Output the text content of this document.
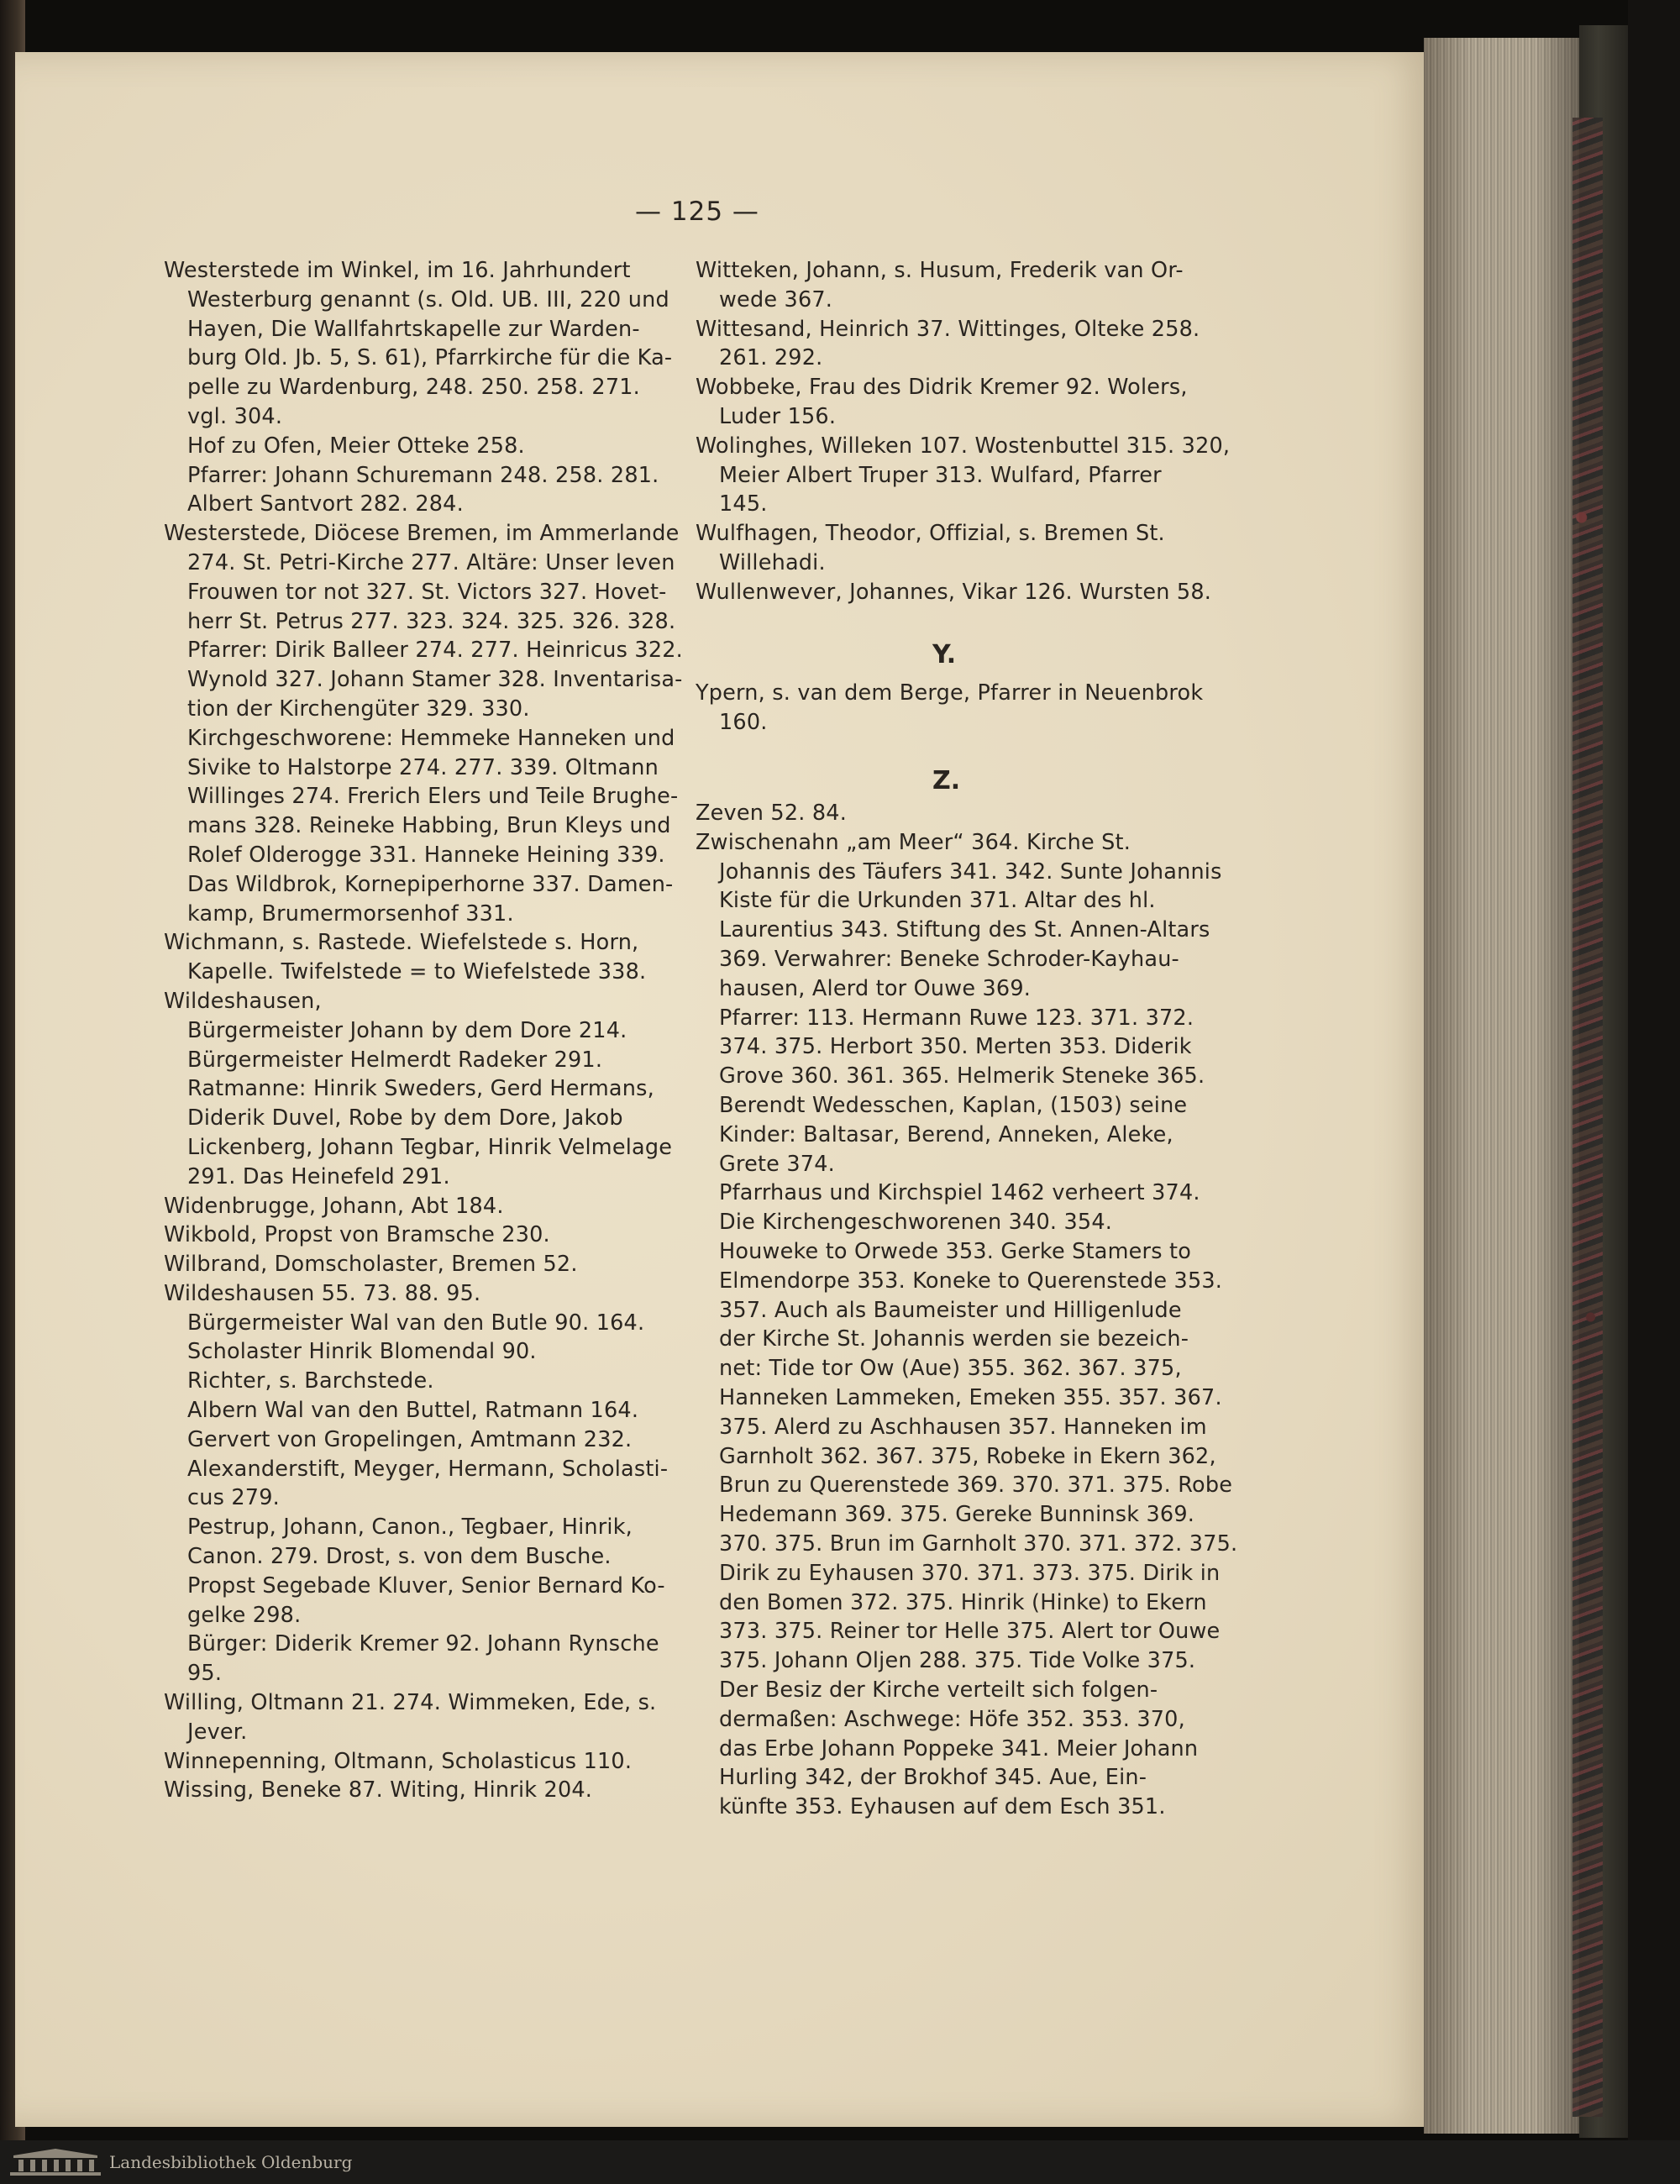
— 125 —
Westerstede im Winkel, im 16. Jahrhundert
Westerburg genannt (s. Old. UB. III, 220 und
Hayen, Die Wallfahrtskapelle zur Warden-
burg Old. Jb. 5, S. 61), Pfarrkirche für die Ka-
pelle zu Wardenburg, 248. 250. 258. 271.
vgl. 304.
Hof zu Ofen, Meier Otteke 258.
Pfarrer: Johann Schuremann 248. 258. 281.
Albert Santvort 282. 284.
Westerstede, Diöcese Bremen, im Ammerlande
274. St. Petri-Kirche 277. Altäre: Unser leven
Frouwen tor not 327. St. Victors 327. Hovet-
herr St. Petrus 277. 323. 324. 325. 326. 328.
Pfarrer: Dirik Balleer 274. 277. Heinricus 322.
Wynold 327. Johann Stamer 328. Inventarisa-
tion der Kirchengüter 329. 330.
Kirchgeschworene: Hemmeke Hanneken und
Sivike to Halstorpe 274. 277. 339. Oltmann
Willinges 274. Frerich Elers und Teile Brughe-
mans 328. Reineke Habbing, Brun Kleys und
Rolef Olderogge 331. Hanneke Heining 339.
Das Wildbrok, Kornepiperhorne 337. Damen-
kamp, Brumermorsenhof 331.
Wichmann, s. Rastede. Wiefelstede s. Horn,
Kapelle. Twifelstede = to Wiefelstede 338.
Wildeshausen,
Bürgermeister Johann by dem Dore 214.
Bürgermeister Helmerdt Radeker 291.
Ratmanne: Hinrik Sweders, Gerd Hermans,
Diderik Duvel, Robe by dem Dore, Jakob
Lickenberg, Johann Tegbar, Hinrik Velmelage
291. Das Heinefeld 291.
Widenbrugge, Johann, Abt 184.
Wikbold, Propst von Bramsche 230.
Wilbrand, Domscholaster, Bremen 52.
Wildeshausen 55. 73. 88. 95.
Bürgermeister Wal van den Butle 90. 164.
Scholaster Hinrik Blomendal 90.
Richter, s. Barchstede.
Albern Wal van den Buttel, Ratmann 164.
Gervert von Gropelingen, Amtmann 232.
Alexanderstift, Meyger, Hermann, Scholasti-
cus 279.
Pestrup, Johann, Canon., Tegbaer, Hinrik,
Canon. 279. Drost, s. von dem Busche.
Propst Segebade Kluver, Senior Bernard Ko-
gelke 298.
Bürger: Diderik Kremer 92. Johann Rynsche
95.
Willing, Oltmann 21. 274. Wimmeken, Ede, s.
Jever.
Winnepenning, Oltmann, Scholasticus 110.
Wissing, Beneke 87. Witing, Hinrik 204.
Witteken, Johann, s. Husum, Frederik van Or-
wede 367.
Wittesand, Heinrich 37. Wittinges, Olteke 258.
261. 292.
Wobbeke, Frau des Didrik Kremer 92. Wolers,
Luder 156.
Wolinghes, Willeken 107. Wostenbuttel 315. 320,
Meier Albert Truper 313. Wulfard, Pfarrer
145.
Wulfhagen, Theodor, Offizial, s. Bremen St.
Willehadi.
Wullenwever, Johannes, Vikar 126. Wursten 58.
Y.
Ypern, s. van dem Berge, Pfarrer in Neuenbrok
160.
Z.
Zeven 52. 84.
Zwischenahn „am Meer“ 364. Kirche St.
Johannis des Täufers 341. 342. Sunte Johannis
Kiste für die Urkunden 371. Altar des hl.
Laurentius 343. Stiftung des St. Annen-Altars
369. Verwahrer: Beneke Schroder-Kayhau-
hausen, Alerd tor Ouwe 369.
Pfarrer: 113. Hermann Ruwe 123. 371. 372.
374. 375. Herbort 350. Merten 353. Diderik
Grove 360. 361. 365. Helmerik Steneke 365.
Berendt Wedesschen, Kaplan, (1503) seine
Kinder: Baltasar, Berend, Anneken, Aleke,
Grete 374.
Pfarrhaus und Kirchspiel 1462 verheert 374.
Die Kirchengeschworenen 340. 354.
Houweke to Orwede 353. Gerke Stamers to
Elmendorpe 353. Koneke to Querenstede 353.
357. Auch als Baumeister und Hilligenlude
der Kirche St. Johannis werden sie bezeich-
net: Tide tor Ow (Aue) 355. 362. 367. 375,
Hanneken Lammeken, Emeken 355. 357. 367.
375. Alerd zu Aschhausen 357. Hanneken im
Garnholt 362. 367. 375, Robeke in Ekern 362,
Brun zu Querenstede 369. 370. 371. 375. Robe
Hedemann 369. 375. Gereke Bunninsk 369.
370. 375. Brun im Garnholt 370. 371. 372. 375.
Dirik zu Eyhausen 370. 371. 373. 375. Dirik in
den Bomen 372. 375. Hinrik (Hinke) to Ekern
373. 375. Reiner tor Helle 375. Alert tor Ouwe
375. Johann Oljen 288. 375. Tide Volke 375.
Der Besiz der Kirche verteilt sich folgen-
dermaßen: Aschwege: Höfe 352. 353. 370,
das Erbe Johann Poppeke 341. Meier Johann
Hurling 342, der Brokhof 345. Aue, Ein-
künfte 353. Eyhausen auf dem Esch 351.
Landesbibliothek Oldenburg
